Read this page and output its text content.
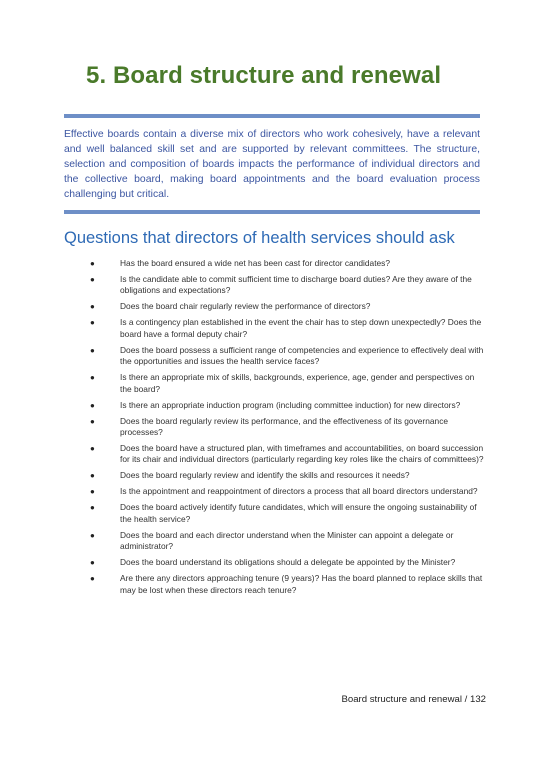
5. Board structure and renewal

Effective boards contain a diverse mix of directors who work cohesively, have a relevant and well balanced skill set and are supported by relevant committees. The structure, selection and composition of boards impacts the performance of individual directors and the collective board, making board appointments and the board evaluation process challenging but critical.

Questions that directors of health services should ask
●	Has the board ensured a wide net has been cast for director candidates?
●	Is the candidate able to commit sufficient time to discharge board duties? Are they aware of the obligations and expectations?
●	Does the board chair regularly review the performance of directors?
●	Is a contingency plan established in the event the chair has to step down unexpectedly? Does the board have a formal deputy chair?
●	Does the board possess a sufficient range of competencies and experience to effectively deal with the opportunities and issues the health service faces?
●	Is there an appropriate mix of skills, backgrounds, experience, age, gender and perspectives on the board?
●	Is there an appropriate induction program (including committee induction) for new directors?
●	Does the board regularly review its performance, and the effectiveness of its governance processes?
●	Does the board have a structured plan, with timeframes and accountabilities, on board succession for its chair and individual directors (particularly regarding key roles like the chairs of committees)?
●	Does the board regularly review and identify the skills and resources it needs?
●	Is the appointment and reappointment of directors a process that all board directors understand?
●	Does the board actively identify future candidates, which will ensure the ongoing sustainability of the health service?
●	Does the board and each director understand when the Minister can appoint a delegate or administrator?
●	Does the board understand its obligations should a delegate be appointed by the Minister?
●	Are there any directors approaching tenure (9 years)? Has the board planned to replace skills that may be lost when these directors reach tenure?

Board structure and renewal / 132
